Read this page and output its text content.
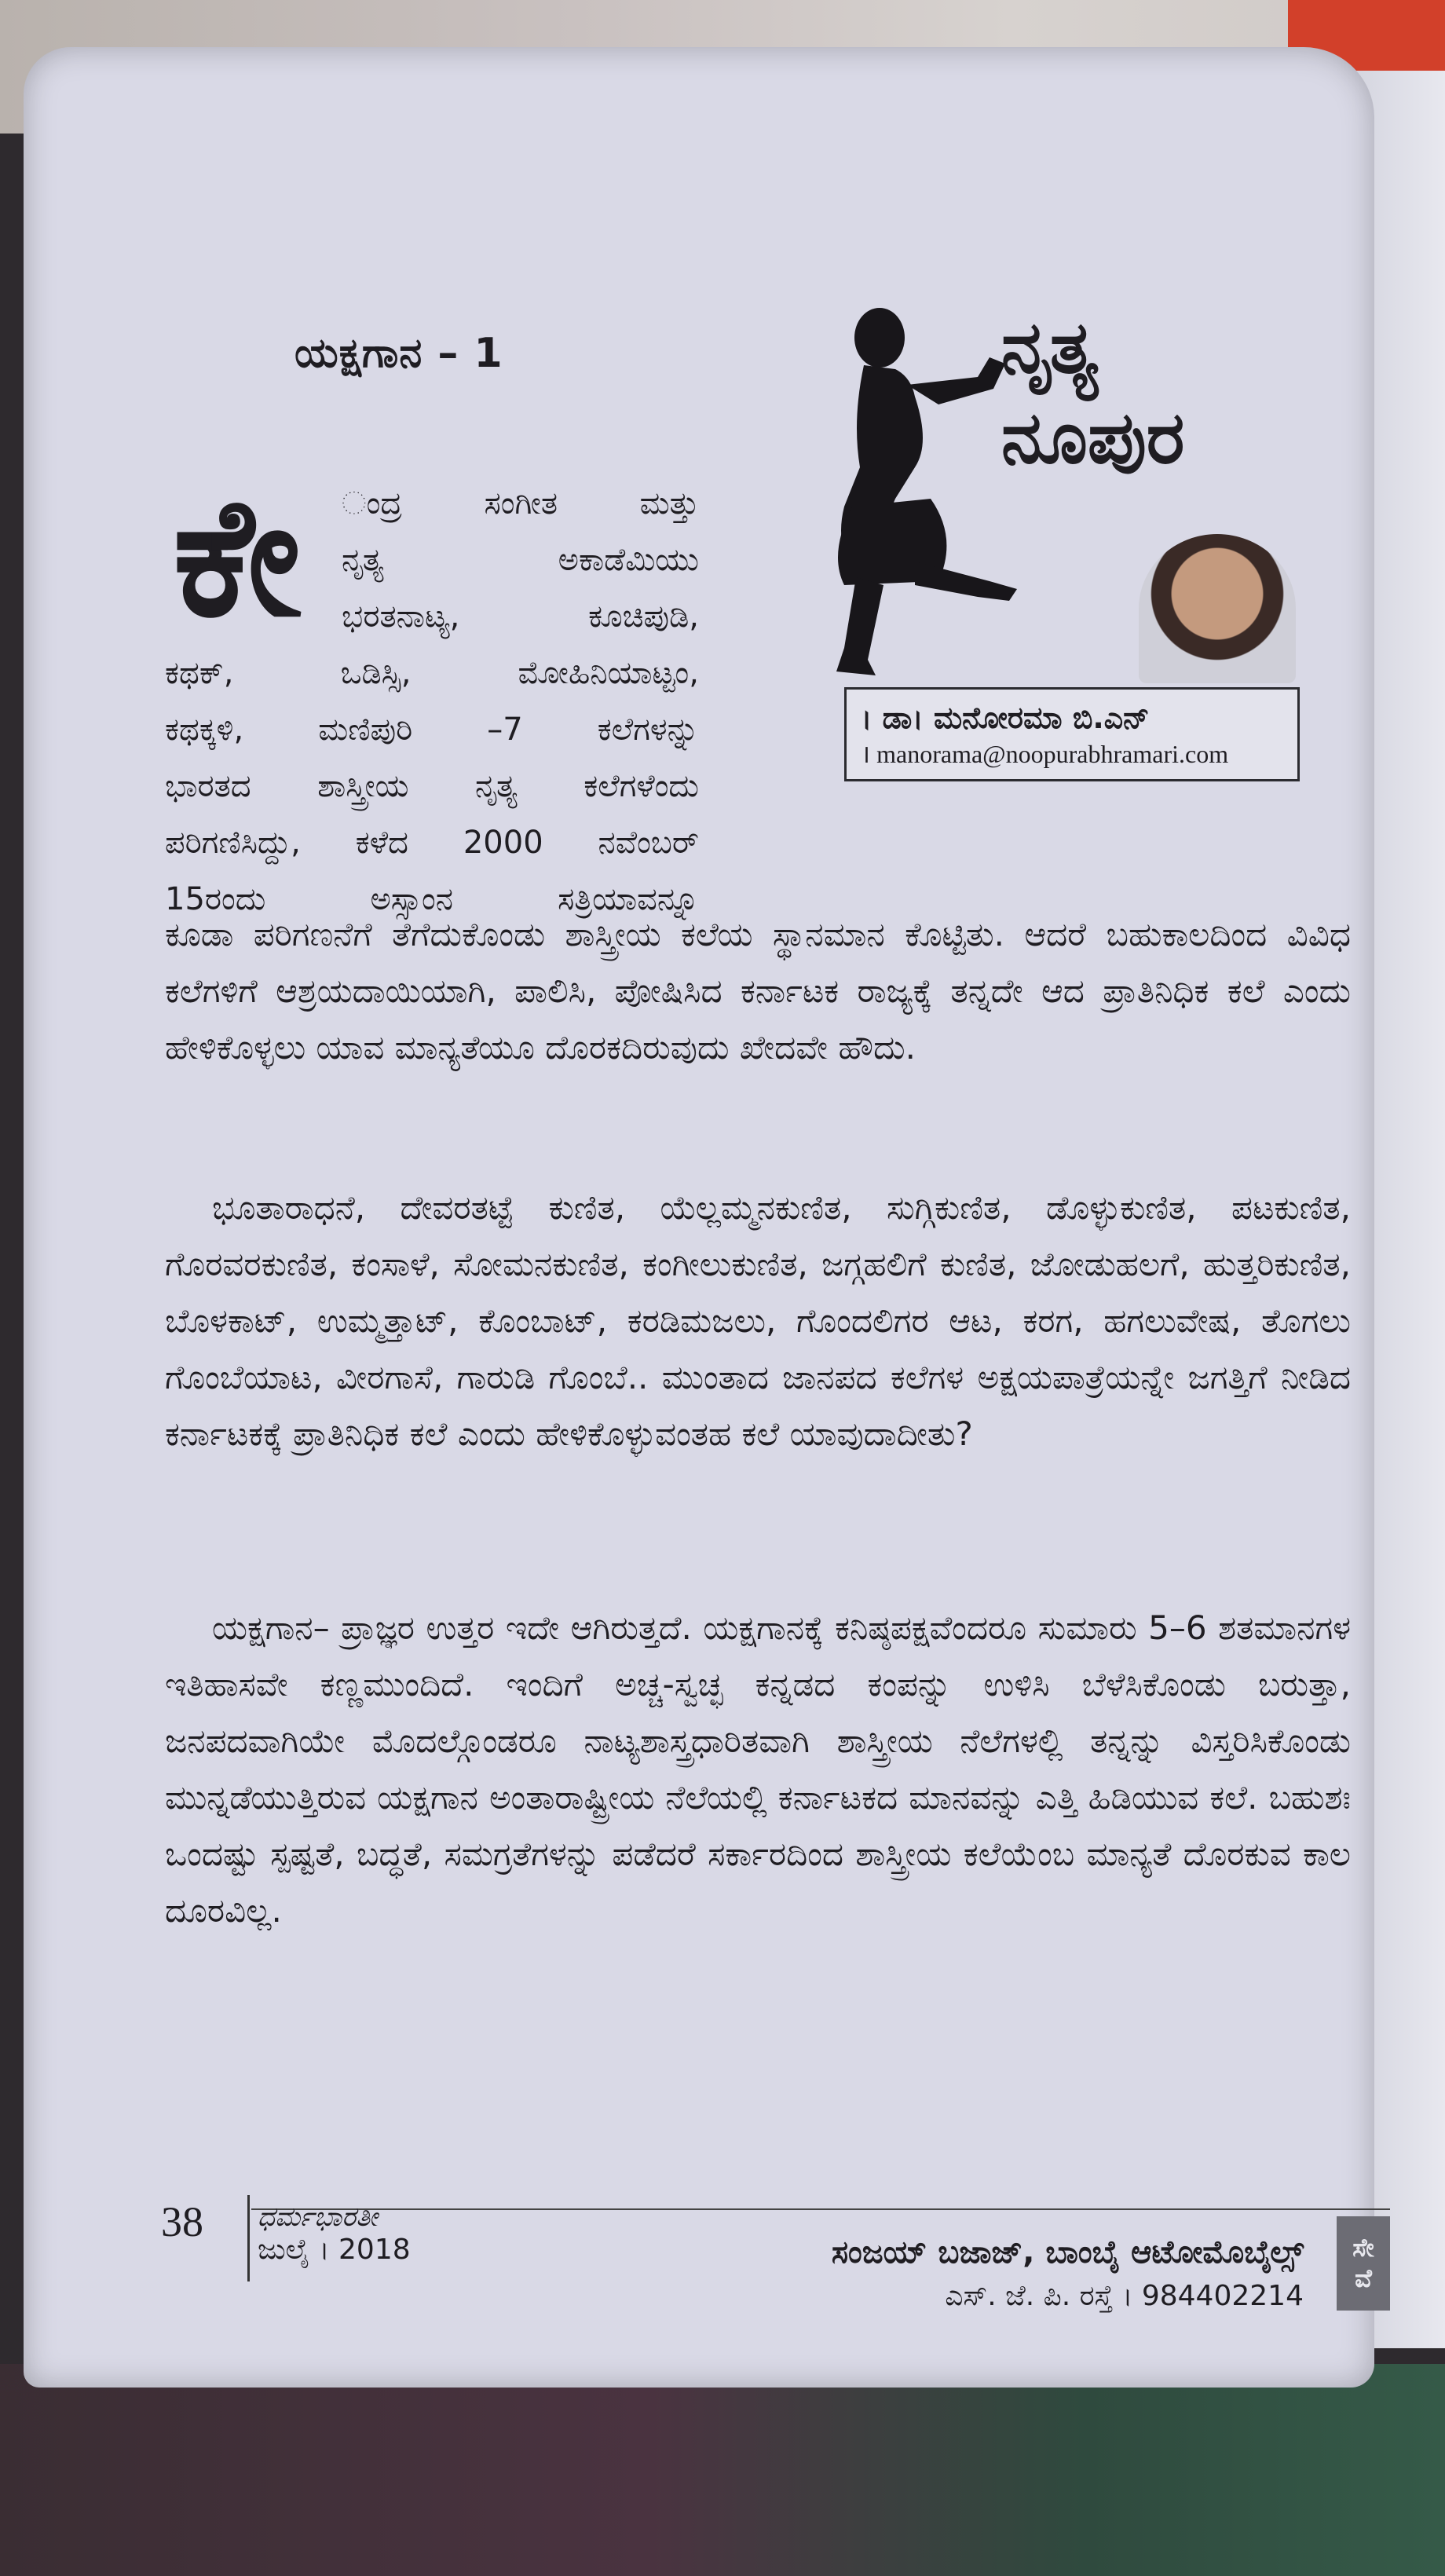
ಯಕ್ಷಗಾನ – 1	ನೃತ್ಯ
ನೂಪುರ
। ಡಾ। ಮನೋರಮಾ ಬಿ.ಎನ್
। manorama@noopurabhramari.com
ಕೇ	ಂದ್ರ ಸಂಗೀತ ಮತ್ತು
ನೃತ್ಯ ಅಕಾಡೆಮಿಯು
ಭರತನಾಟ್ಯ, ಕೂಚಿಪುಡಿ,
ಕಥಕ್, ಒಡಿಸ್ಸಿ, ಮೋಹಿನಿಯಾಟ್ಟಂ,
ಕಥಕ್ಕಳಿ, ಮಣಿಪುರಿ –7 ಕಲೆಗಳನ್ನು
ಭಾರತದ ಶಾಸ್ತ್ರೀಯ ನೃತ್ಯ ಕಲೆಗಳೆಂದು
ಪರಿಗಣಿಸಿದ್ದು, ಕಳೆದ 2000 ನವೆಂಬರ್
15ರಂದು ಅಸ್ಸಾಂನ ಸತ್ರಿಯಾವನ್ನೂ

ಕೂಡಾ ಪರಿಗಣನೆಗೆ ತೆಗೆದುಕೊಂಡು ಶಾಸ್ತ್ರೀಯ ಕಲೆಯ ಸ್ಥಾನಮಾನ ಕೊಟ್ಟಿತು. ಆದರೆ ಬಹುಕಾಲದಿಂದ ವಿವಿಧ ಕಲೆಗಳಿಗೆ ಆಶ್ರಯದಾಯಿಯಾಗಿ, ಪಾಲಿಸಿ, ಪೋಷಿಸಿದ ಕರ್ನಾಟಕ ರಾಜ್ಯಕ್ಕೆ ತನ್ನದೇ ಆದ ಪ್ರಾತಿನಿಧಿಕ ಕಲೆ ಎಂದು ಹೇಳಿಕೊಳ್ಳಲು ಯಾವ ಮಾನ್ಯತೆಯೂ ದೊರಕದಿರುವುದು ಖೇದವೇ ಹೌದು.

ಭೂತಾರಾಧನೆ, ದೇವರತಟ್ಟೆ ಕುಣಿತ, ಯೆಲ್ಲಮ್ಮನಕುಣಿತ, ಸುಗ್ಗಿಕುಣಿತ, ಡೊಳ್ಳುಕುಣಿತ, ಪಟಕುಣಿತ, ಗೊರವರಕುಣಿತ, ಕಂಸಾಳೆ, ಸೋಮನಕುಣಿತ, ಕಂಗೀಲುಕುಣಿತ, ಜಗ್ಗಹಲಿಗೆ ಕುಣಿತ, ಜೋಡುಹಲಗೆ, ಹುತ್ತರಿಕುಣಿತ, ಬೊಳಕಾಟ್, ಉಮ್ಮತ್ತಾಟ್, ಕೊಂಬಾಟ್, ಕರಡಿಮಜಲು, ಗೊಂದಲಿಗರ ಆಟ, ಕರಗ, ಹಗಲುವೇಷ, ತೊಗಲು ಗೊಂಬೆಯಾಟ, ವೀರಗಾಸೆ, ಗಾರುಡಿ ಗೊಂಬೆ.. ಮುಂತಾದ ಜಾನಪದ ಕಲೆಗಳ ಅಕ್ಷಯಪಾತ್ರೆಯನ್ನೇ ಜಗತ್ತಿಗೆ ನೀಡಿದ ಕರ್ನಾಟಕಕ್ಕೆ ಪ್ರಾತಿನಿಧಿಕ ಕಲೆ ಎಂದು ಹೇಳಿಕೊಳ್ಳುವಂತಹ ಕಲೆ ಯಾವುದಾದೀತು?

ಯಕ್ಷಗಾನ– ಪ್ರಾಜ್ಞರ ಉತ್ತರ ಇದೇ ಆಗಿರುತ್ತದೆ. ಯಕ್ಷಗಾನಕ್ಕೆ ಕನಿಷ್ಠಪಕ್ಷವೆಂದರೂ ಸುಮಾರು 5–6 ಶತಮಾನಗಳ ಇತಿಹಾಸವೇ ಕಣ್ಣಮುಂದಿದೆ. ಇಂದಿಗೆ ಅಚ್ಚ-ಸ್ವಚ್ಛ ಕನ್ನಡದ ಕಂಪನ್ನು ಉಳಿಸಿ ಬೆಳೆಸಿಕೊಂಡು ಬರುತ್ತಾ, ಜನಪದವಾಗಿಯೇ ಮೊದಲ್ಗೊಂಡರೂ ನಾಟ್ಯಶಾಸ್ತ್ರಧಾರಿತವಾಗಿ ಶಾಸ್ತ್ರೀಯ ನೆಲೆಗಳಲ್ಲಿ ತನ್ನನ್ನು ವಿಸ್ತರಿಸಿಕೊಂಡು ಮುನ್ನಡೆಯುತ್ತಿರುವ ಯಕ್ಷಗಾನ ಅಂತಾರಾಷ್ಟ್ರೀಯ ನೆಲೆಯಲ್ಲಿ ಕರ್ನಾಟಕದ ಮಾನವನ್ನು ಎತ್ತಿ ಹಿಡಿಯುವ ಕಲೆ. ಬಹುಶಃ ಒಂದಷ್ಟು ಸ್ಪಷ್ಟತೆ, ಬದ್ಧತೆ, ಸಮಗ್ರತೆಗಳನ್ನು ಪಡೆದರೆ ಸರ್ಕಾರದಿಂದ ಶಾಸ್ತ್ರೀಯ ಕಲೆಯೆಂಬ ಮಾನ್ಯತೆ ದೊರಕುವ ಕಾಲ ದೂರವಿಲ್ಲ.

38 ಧರ್ಮಭಾರತೀ
ಜುಲೈ । 2018	ಸಂಜಯ್ ಬಜಾಜ್, ಬಾಂಬೈ ಆಟೋಮೊಬೈಲ್ಸ್
ಎಸ್. ಜೆ. ಪಿ. ರಸ್ತೆ । 984402214
ಸೇ
ವೆ
